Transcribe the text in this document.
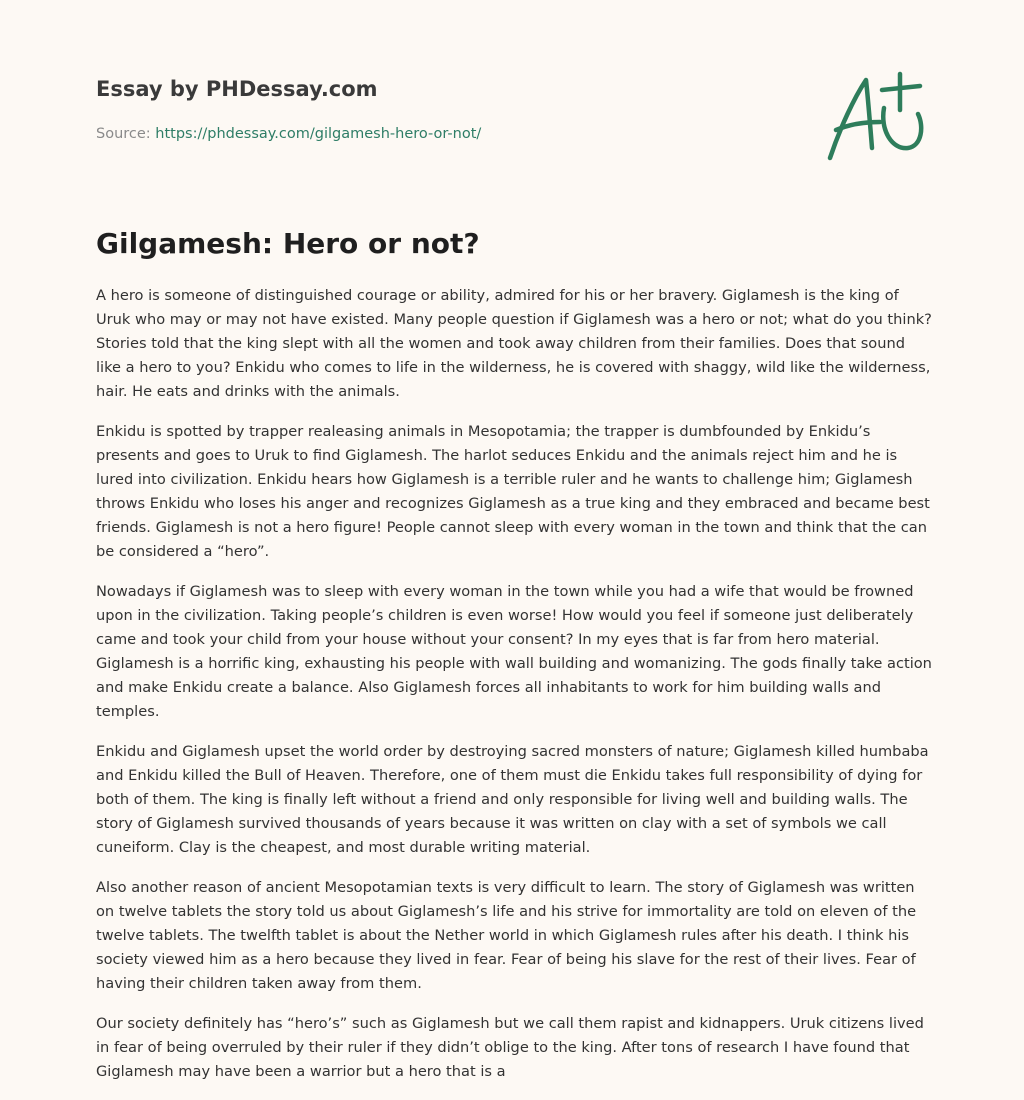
Essay by PHDessay.com
Source: https://phdessay.com/gilgamesh-hero-or-not/
Gilgamesh: Hero or not?

A hero is someone of distinguished courage or ability, admired for his or her bravery. Giglamesh is the king of Uruk who may or may not have existed. Many people question if Giglamesh was a hero or not; what do you think? Stories told that the king slept with all the women and took away children from their families. Does that sound like a hero to you? Enkidu who comes to life in the wilderness, he is covered with shaggy, wild like the wilderness, hair. He eats and drinks with the animals.

Enkidu is spotted by trapper realeasing animals in Mesopotamia; the trapper is dumbfounded by Enkidu’s presents and goes to Uruk to find Giglamesh. The harlot seduces Enkidu and the animals reject him and he is lured into civilization. Enkidu hears how Giglamesh is a terrible ruler and he wants to challenge him; Giglamesh throws Enkidu who loses his anger and recognizes Giglamesh as a true king and they embraced and became best friends. Giglamesh is not a hero figure! People cannot sleep with every woman in the town and think that the can be considered a “hero”.

Nowadays if Giglamesh was to sleep with every woman in the town while you had a wife that would be frowned upon in the civilization. Taking people’s children is even worse! How would you feel if someone just deliberately came and took your child from your house without your consent? In my eyes that is far from hero material. Giglamesh is a horrific king, exhausting his people with wall building and womanizing. The gods finally take action and make Enkidu create a balance. Also Giglamesh forces all inhabitants to work for him building walls and temples.

Enkidu and Giglamesh upset the world order by destroying sacred monsters of nature; Giglamesh killed humbaba and Enkidu killed the Bull of Heaven. Therefore, one of them must die Enkidu takes full responsibility of dying for both of them. The king is finally left without a friend and only responsible for living well and building walls. The story of Giglamesh survived thousands of years because it was written on clay with a set of symbols we call cuneiform. Clay is the cheapest, and most durable writing material.

Also another reason of ancient Mesopotamian texts is very difficult to learn. The story of Giglamesh was written on twelve tablets the story told us about Giglamesh’s life and his strive for immortality are told on eleven of the twelve tablets. The twelfth tablet is about the Nether world in which Giglamesh rules after his death. I think his society viewed him as a hero because they lived in fear. Fear of being his slave for the rest of their lives. Fear of having their children taken away from them.

Our society definitely has “hero’s” such as Giglamesh but we call them rapist and kidnappers. Uruk citizens lived in fear of being overruled by their ruler if they didn’t oblige to the king. After tons of research I have found that Giglamesh may have been a warrior but a hero that is a
